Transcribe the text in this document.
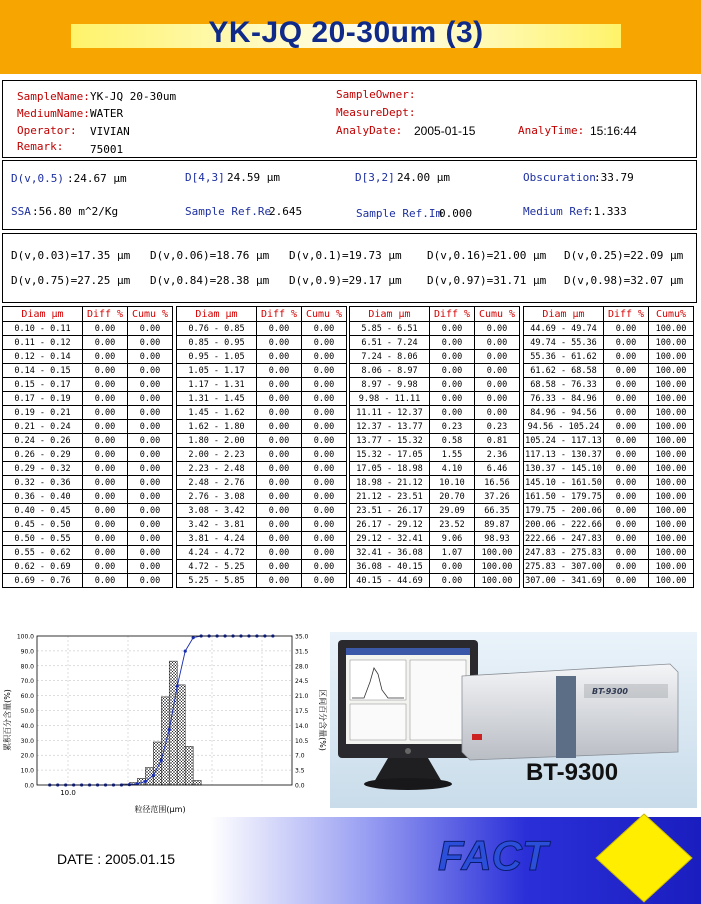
YK-JQ 20-30um (3)
SampleName: YK-JQ 20-30um
MediumName: WATER
Operator: VIVIAN
Remark: 75001
SampleOwner:
MeasureDept:
AnalyDate: 2005-01-15	AnalyTime: 15:16:44
D(v,0.5) :24.67 μm	D[4,3] 24.59 μm	D[3,2] 24.00 μm	Obscuration
:33.79
SSA :56.80 m^2/Kg	Sample Ref.Re
2.645	Sample Ref.Im
0.000	Medium Ref
:1.333
D(v,0.03)=17.35 μm D(v,0.06)=18.76 μm D(v,0.1)=19.73 μm D(v,0.16)=21.00 μm D(v,0.25)=22.09 μm
D(v,0.75)=27.25 μm D(v,0.84)=28.38 μm D(v,0.9)=29.17 μm D(v,0.97)=31.71 μm D(v,0.98)=32.07 μm
Diam μm	Diff %	Cumu %
0.10 - 0.11	0.00	0.00
0.11 - 0.12	0.00	0.00
0.12 - 0.14	0.00	0.00
0.14 - 0.15	0.00	0.00
0.15 - 0.17	0.00	0.00
0.17 - 0.19	0.00	0.00
0.19 - 0.21	0.00	0.00
0.21 - 0.24	0.00	0.00
0.24 - 0.26	0.00	0.00
0.26 - 0.29	0.00	0.00
0.29 - 0.32	0.00	0.00
0.32 - 0.36	0.00	0.00
0.36 - 0.40	0.00	0.00
0.40 - 0.45	0.00	0.00
0.45 - 0.50	0.00	0.00
0.50 - 0.55	0.00	0.00
0.55 - 0.62	0.00	0.00
0.62 - 0.69	0.00	0.00
0.69 - 0.76	0.00	0.00
Diam μm	Diff %	Cumu %
0.76 - 0.85	0.00	0.00
0.85 - 0.95	0.00	0.00
0.95 - 1.05	0.00	0.00
1.05 - 1.17	0.00	0.00
1.17 - 1.31	0.00	0.00
1.31 - 1.45	0.00	0.00
1.45 - 1.62	0.00	0.00
1.62 - 1.80	0.00	0.00
1.80 - 2.00	0.00	0.00
2.00 - 2.23	0.00	0.00
2.23 - 2.48	0.00	0.00
2.48 - 2.76	0.00	0.00
2.76 - 3.08	0.00	0.00
3.08 - 3.42	0.00	0.00
3.42 - 3.81	0.00	0.00
3.81 - 4.24	0.00	0.00
4.24 - 4.72	0.00	0.00
4.72 - 5.25	0.00	0.00
5.25 - 5.85	0.00	0.00
Diam μm	Diff %	Cumu %
5.85 - 6.51	0.00	0.00
6.51 - 7.24	0.00	0.00
7.24 - 8.06	0.00	0.00
8.06 - 8.97	0.00	0.00
8.97 - 9.98	0.00	0.00
9.98 - 11.11	0.00	0.00
11.11 - 12.37	0.00	0.00
12.37 - 13.77	0.23	0.23
13.77 - 15.32	0.58	0.81
15.32 - 17.05	1.55	2.36
17.05 - 18.98	4.10	6.46
18.98 - 21.12	10.10	16.56
21.12 - 23.51	20.70	37.26
23.51 - 26.17	29.09	66.35
26.17 - 29.12	23.52	89.87
29.12 - 32.41	9.06	98.93
32.41 - 36.08	1.07	100.00
36.08 - 40.15	0.00	100.00
40.15 - 44.69	0.00	100.00
Diam μm	Diff %	Cumu%
44.69 - 49.74	0.00	100.00
49.74 - 55.36	0.00	100.00
55.36 - 61.62	0.00	100.00
61.62 - 68.58	0.00	100.00
68.58 - 76.33	0.00	100.00
76.33 - 84.96	0.00	100.00
84.96 - 94.56	0.00	100.00
94.56 - 105.24	0.00	100.00
105.24 - 117.13	0.00	100.00
117.13 - 130.37	0.00	100.00
130.37 - 145.10	0.00	100.00
145.10 - 161.50	0.00	100.00
161.50 - 179.75	0.00	100.00
179.75 - 200.06	0.00	100.00
200.06 - 222.66	0.00	100.00
222.66 - 247.83	0.00	100.00
247.83 - 275.83	0.00	100.00
275.83 - 307.00	0.00	100.00
307.00 - 341.69	0.00	100.00
0.0	0.0
10.0	3.5
20.0	7.0
30.0	10.5
40.0	14.0
50.0	17.5
60.0	21.0
70.0	24.5
80.0	28.0
90.0	31.5
100.0	35.0
10.0
粒径范围(μm)
累积百分含量(%)	区间百分含量(%)	BT-9300
BT-9300
DATE : 2005.01.15	FACT
